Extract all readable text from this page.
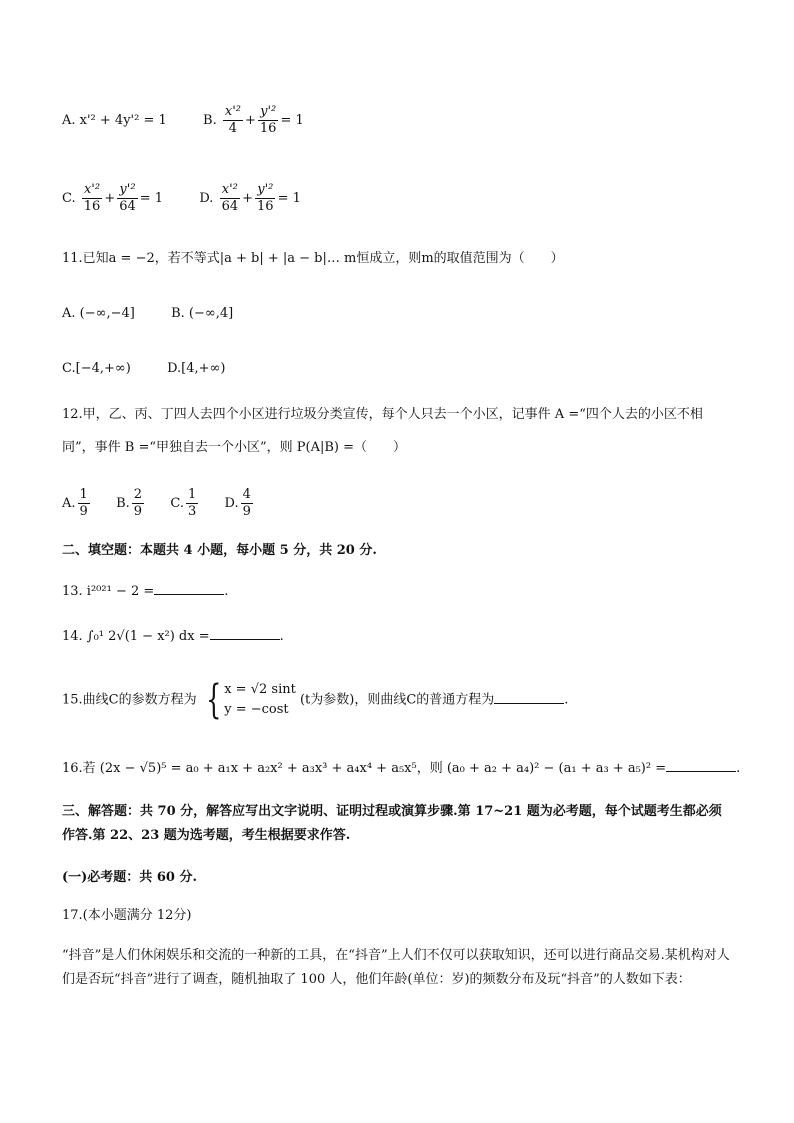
A. x'² + 4y'² = 1	B. $\frac{\text{x'²}}{4} + \frac{\text{y'²}}{16} = 1$
C. $\frac{\text{x'²}}{16} + \frac{\text{y'²}}{64} = 1$  D. $\frac{\text{x'²}}{64} + \frac{\text{y'²}}{16} = 1$
11.已知a = −2，若不等式|a + b| + |a − b|… m恒成立，则m的取值范围为（　　）
A. (−∞,−4]	B. (−∞,4]
C.[−4,+∞)	D.[4,+∞)
12.甲，乙、丙、丁四人去四个小区进行垃圾分类宣传，每个人只去一个小区，记事件 A =“四个人去的小区不相
同”，事件 B =“甲独自去一个小区”，则 P(A|B) =（　　）
A. $\frac{1}{9} B$. $\frac{2}{9} C$. $\frac{1}{3} D$. $\frac{4}{9}$
二、填空题：本题共 4 小题，每小题 5 分，共 20 分.
13. i²⁰²¹ − 2 =	.
14. ∫₀¹ 2√(1 − x²) dx =	.
15.曲线C的参数方程为 { x = √2 sint
y = −cost
(t为参数)，则曲线C的普通方程为	.
16.若 (2x − √5)⁵ = a₀ + a₁x + a₂x² + a₃x³ + a₄x⁴ + a₅x⁵，则 (a₀ + a₂ + a₄)² − (a₁ + a₃ + a₅)² =	.
三、解答题：共 70 分，解答应写出文字说明、证明过程或演算步骤.第 17~21 题为必考题，每个试题考生都必须作答.第 22、23 题为选考题，考生根据要求作答.
(一)必考题：共 60 分.
17.(本小题满分 12分)
“抖音”是人们休闲娱乐和交流的一种新的工具，在“抖音”上人们不仅可以获取知识，还可以进行商品交易.某机构对人们是否玩“抖音”进行了调查，随机抽取了 100 人，他们年龄(单位：岁)的频数分布及玩“抖音”的人数如下表：
